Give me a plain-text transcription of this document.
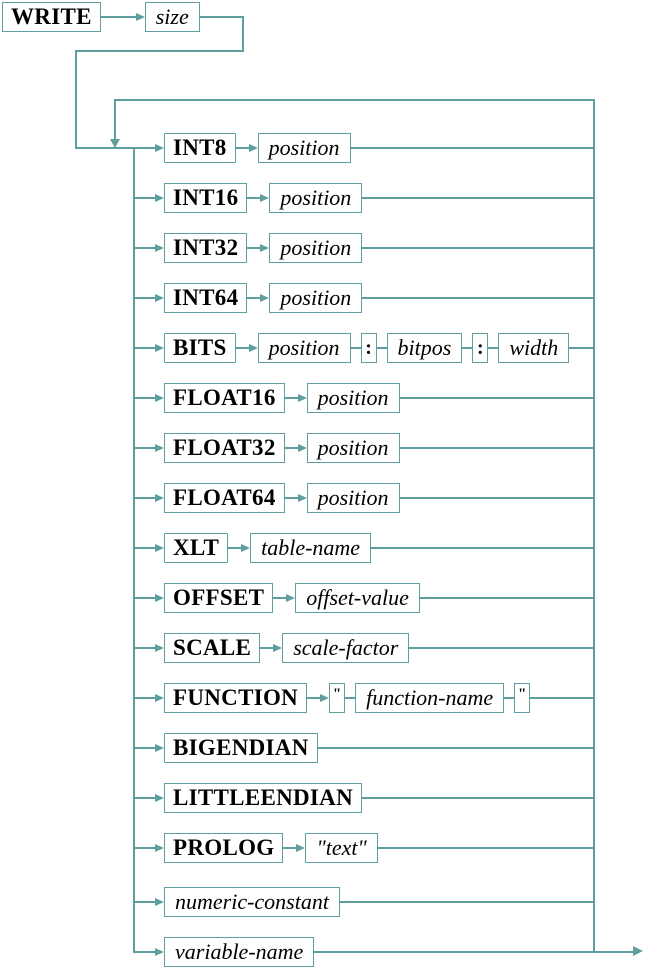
WRITE	size
INT8	position
INT16	position
INT32	position
INT64	position
BITS	position	:	bitpos	:	width
FLOAT16	position
FLOAT32	position
FLOAT64	position
XLT	table-name
OFFSET	offset-value
SCALE	scale-factor
FUNCTION	"	function-name	"
BIGENDIAN
LITTLEENDIAN
PROLOG	"text"
numeric-constant
variable-name
